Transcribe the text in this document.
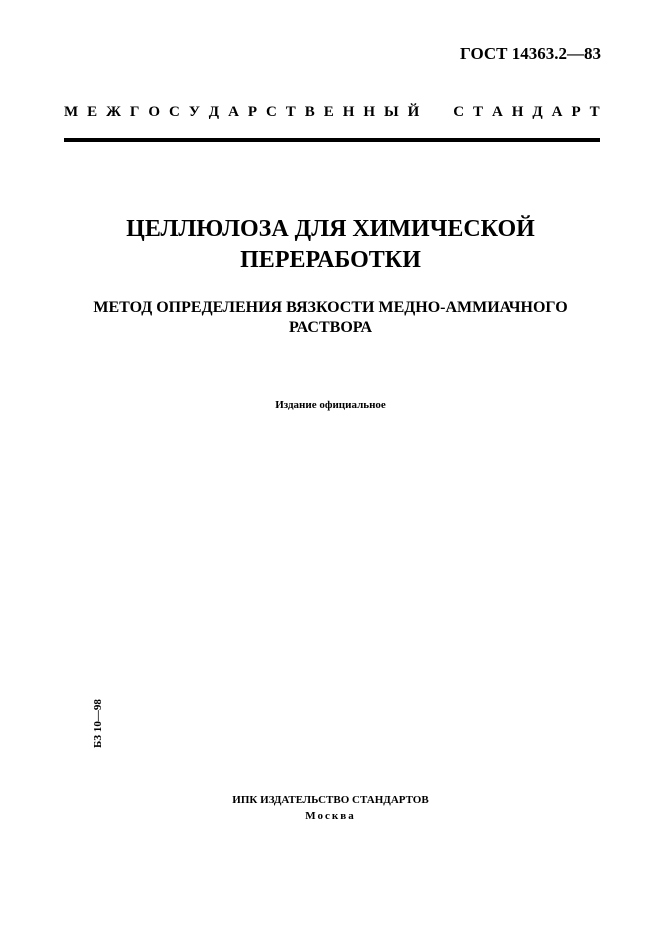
ГОСТ 14363.2—83
М Е Ж Г О С У Д А Р С Т В Е Н Н Ы Й
С Т А Н Д А Р Т
ЦЕЛЛЮЛОЗА ДЛЯ ХИМИЧЕСКОЙ
ПЕРЕРАБОТКИ
МЕТОД ОПРЕДЕЛЕНИЯ ВЯЗКОСТИ МЕДНО-АММИАЧНОГО
РАСТВОРА
Издание официальное
БЗ 10—98
ИПК ИЗДАТЕЛЬСТВО СТАНДАРТОВ
Москва
